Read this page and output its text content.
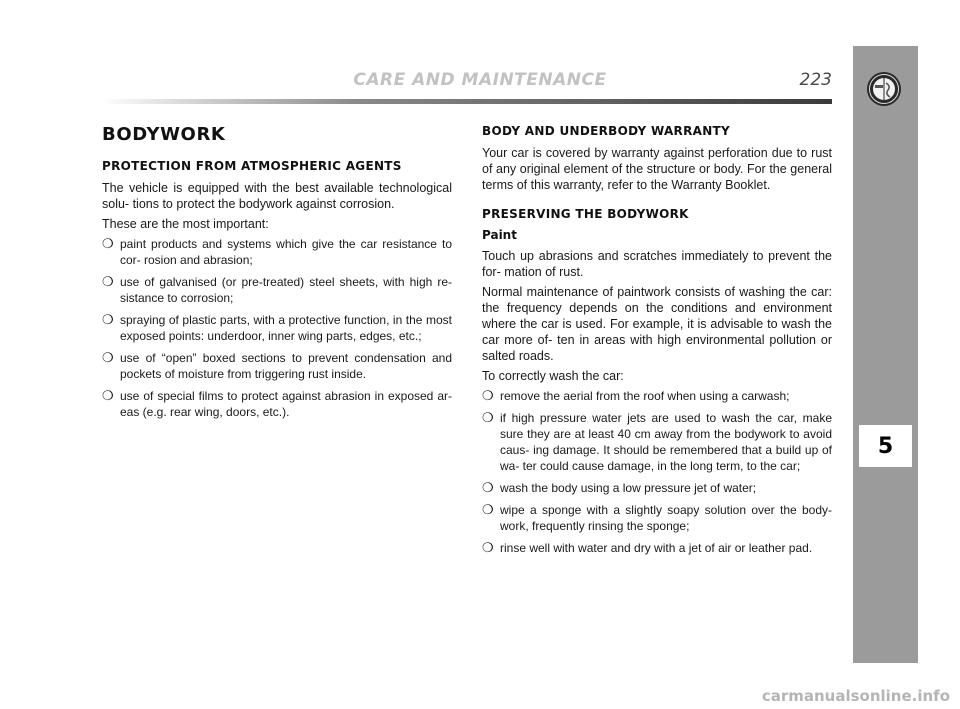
CARE AND MAINTENANCE	223
5
BODYWORK
PROTECTION FROM ATMOSPHERIC AGENTS

The vehicle is equipped with the best available technological solu- tions to protect the bodywork against corrosion.

These are the most important:

❍ paint products and systems which give the car resistance to cor- rosion and abrasion;
❍ use of galvanised (or pre-treated) steel sheets, with high re- sistance to corrosion;
❍ spraying of plastic parts, with a protective function, in the most exposed points: underdoor, inner wing parts, edges, etc.;
❍ use of “open” boxed sections to prevent condensation and pockets of moisture from triggering rust inside.
❍ use of special films to protect against abrasion in exposed ar- eas (e.g. rear wing, doors, etc.).
BODY AND UNDERBODY WARRANTY

Your car is covered by warranty against perforation due to rust of any original element of the structure or body. For the general terms of this warranty, refer to the Warranty Booklet.

PRESERVING THE BODYWORK
Paint

Touch up abrasions and scratches immediately to prevent the for- mation of rust.

Normal maintenance of paintwork consists of washing the car: the frequency depends on the conditions and environment where the car is used. For example, it is advisable to wash the car more of- ten in areas with high environmental pollution or salted roads.

To correctly wash the car:

❍ remove the aerial from the roof when using a carwash;
❍ if high pressure water jets are used to wash the car, make sure they are at least 40 cm away from the bodywork to avoid caus- ing damage. It should be remembered that a build up of wa- ter could cause damage, in the long term, to the car;
❍ wash the body using a low pressure jet of water;
❍ wipe a sponge with a slightly soapy solution over the body- work, frequently rinsing the sponge;
❍ rinse well with water and dry with a jet of air or leather pad.
carmanualsonline.info
